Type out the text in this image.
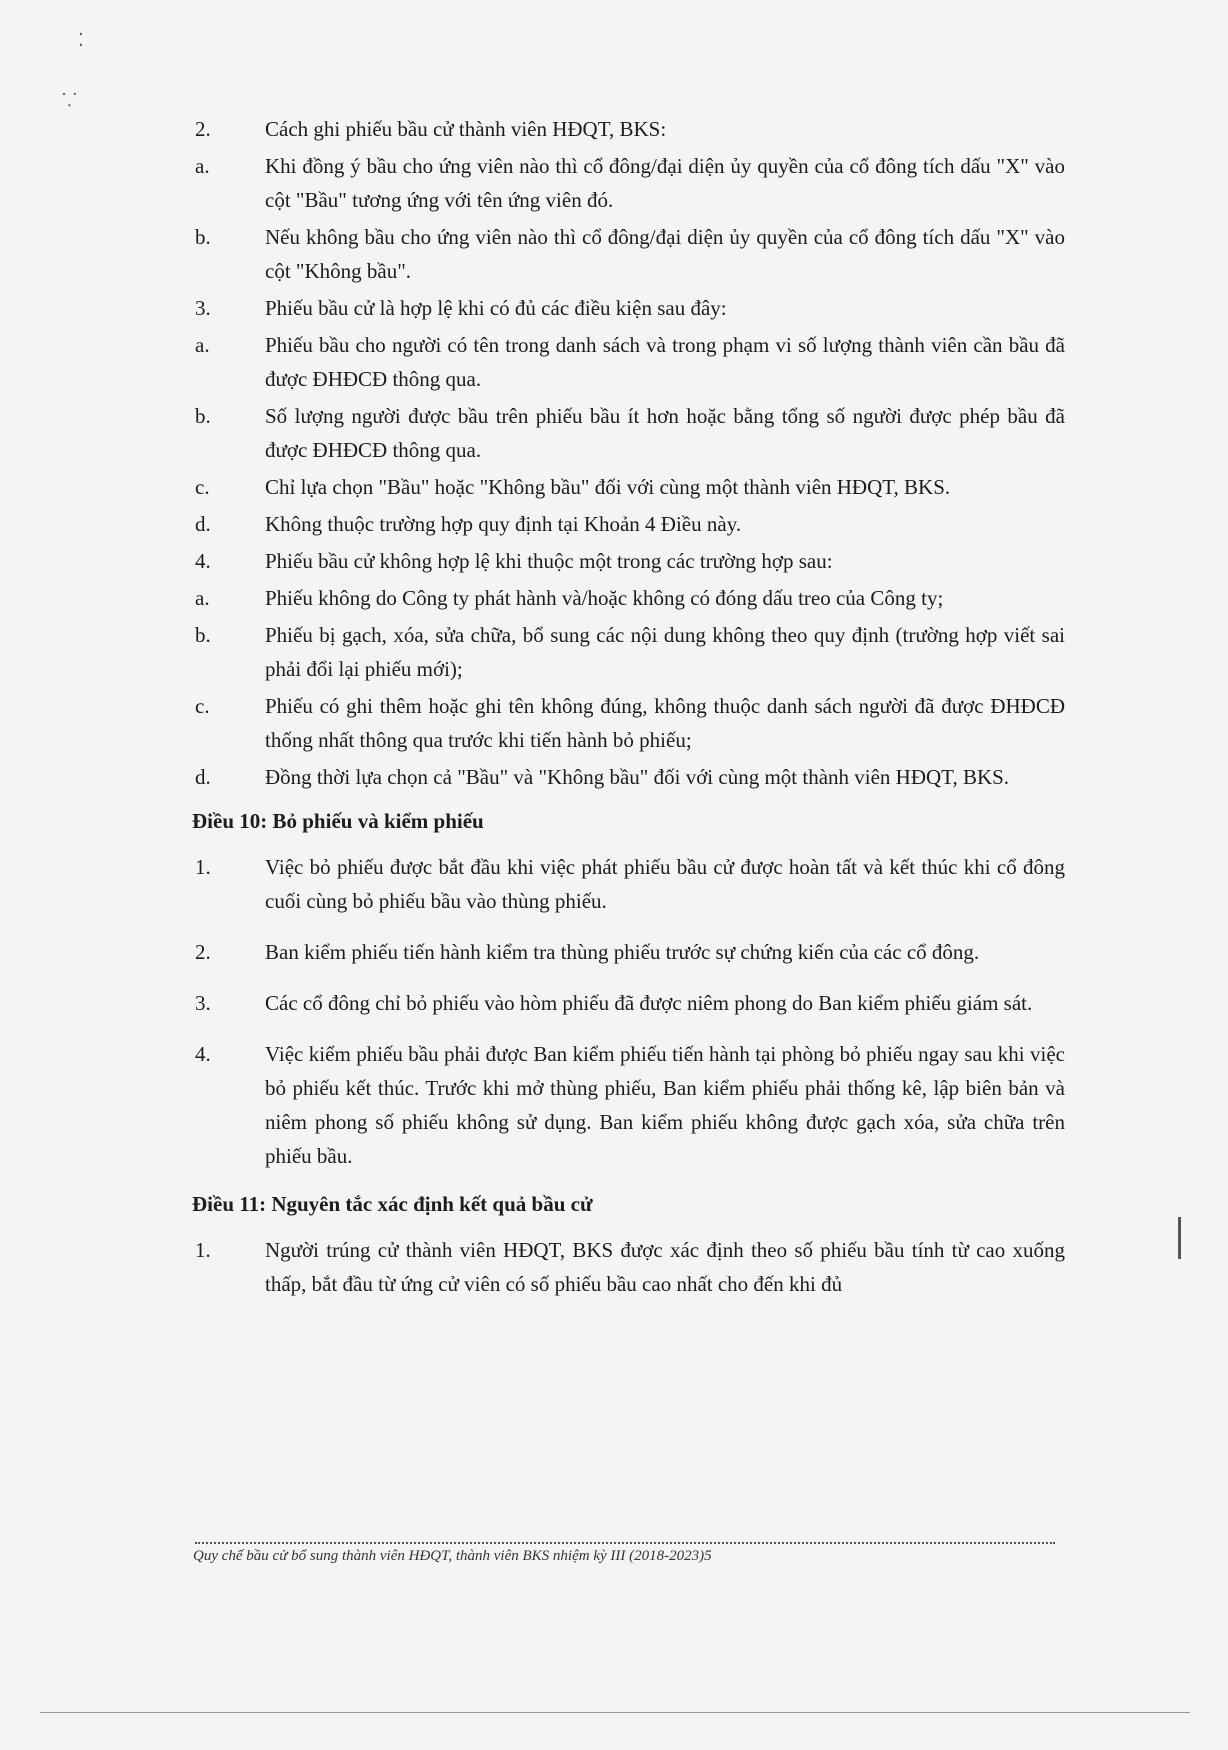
⁚
⸪
2.	Cách ghi phiếu bầu cử thành viên HĐQT, BKS:
a.	Khi đồng ý bầu cho ứng viên nào thì cổ đông/đại diện ủy quyền của cổ đông tích dấu "X" vào cột "Bầu" tương ứng với tên ứng viên đó.
b.	Nếu không bầu cho ứng viên nào thì cổ đông/đại diện ủy quyền của cổ đông tích dấu "X" vào cột "Không bầu".
3.	Phiếu bầu cử là hợp lệ khi có đủ các điều kiện sau đây:
a.	Phiếu bầu cho người có tên trong danh sách và trong phạm vi số lượng thành viên cần bầu đã được ĐHĐCĐ thông qua.
b.	Số lượng người được bầu trên phiếu bầu ít hơn hoặc bằng tổng số người được phép bầu đã được ĐHĐCĐ thông qua.
c.	Chỉ lựa chọn "Bầu" hoặc "Không bầu" đối với cùng một thành viên HĐQT, BKS.
d.	Không thuộc trường hợp quy định tại Khoản 4 Điều này.
4.	Phiếu bầu cử không hợp lệ khi thuộc một trong các trường hợp sau:
a.	Phiếu không do Công ty phát hành và/hoặc không có đóng dấu treo của Công ty;
b.	Phiếu bị gạch, xóa, sửa chữa, bổ sung các nội dung không theo quy định (trường hợp viết sai phải đổi lại phiếu mới);
c.	Phiếu có ghi thêm hoặc ghi tên không đúng, không thuộc danh sách người đã được ĐHĐCĐ thống nhất thông qua trước khi tiến hành bỏ phiếu;
d.	Đồng thời lựa chọn cả "Bầu" và "Không bầu" đối với cùng một thành viên HĐQT, BKS.
Điều 10: Bỏ phiếu và kiểm phiếu
1.	Việc bỏ phiếu được bắt đầu khi việc phát phiếu bầu cử được hoàn tất và kết thúc khi cổ đông cuối cùng bỏ phiếu bầu vào thùng phiếu.
2.	Ban kiểm phiếu tiến hành kiểm tra thùng phiếu trước sự chứng kiến của các cổ đông.
3.	Các cổ đông chỉ bỏ phiếu vào hòm phiếu đã được niêm phong do Ban kiểm phiếu giám sát.
4.	Việc kiểm phiếu bầu phải được Ban kiểm phiếu tiến hành tại phòng bỏ phiếu ngay sau khi việc bỏ phiếu kết thúc. Trước khi mở thùng phiếu, Ban kiểm phiếu phải thống kê, lập biên bản và niêm phong số phiếu không sử dụng. Ban kiểm phiếu không được gạch xóa, sửa chữa trên phiếu bầu.
Điều 11: Nguyên tắc xác định kết quả bầu cử
1.	Người trúng cử thành viên HĐQT, BKS được xác định theo số phiếu bầu tính từ cao xuống thấp, bắt đầu từ ứng cử viên có số phiếu bầu cao nhất cho đến khi đủ
Quy chế bầu cử bổ sung thành viên HĐQT, thành viên BKS nhiệm kỳ III (2018-2023)5
